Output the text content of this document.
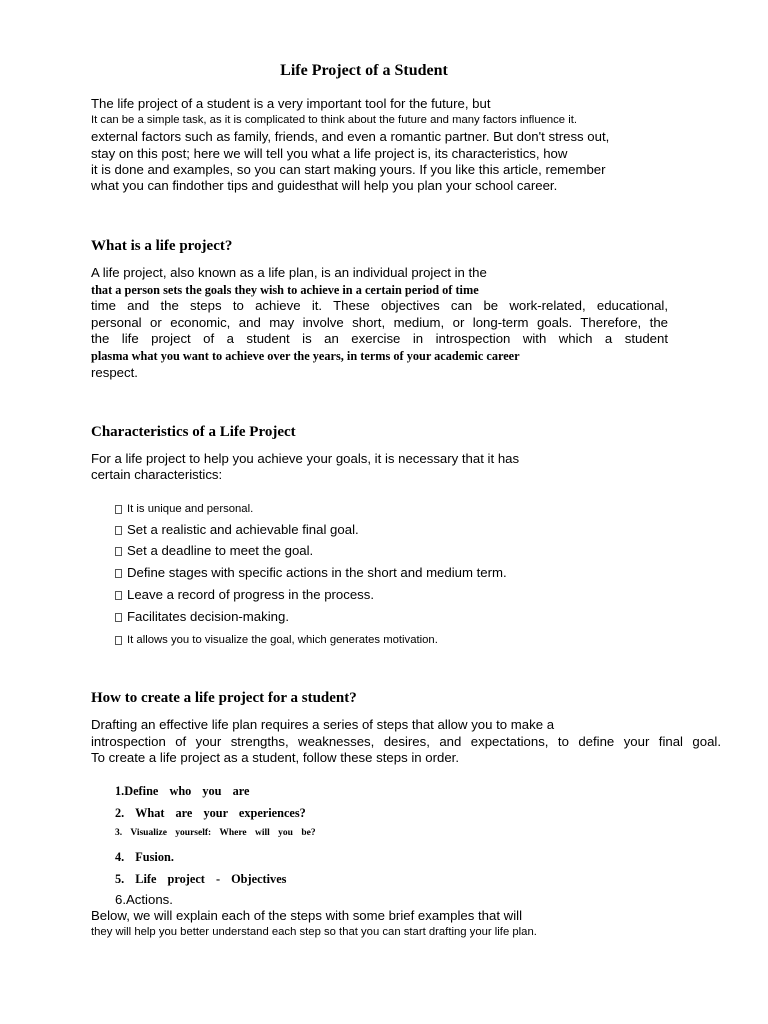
Life Project of a Student

The life project of a student is a very important tool for the future, but

It can be a simple task, as it is complicated to think about the future and many factors influence it.

external factors such as family, friends, and even a romantic partner. But don't stress out,

stay on this post; here we will tell you what a life project is, its characteristics, how

it is done and examples, so you can start making yours. If you like this article, remember

what you can findother tips and guidesthat will help you plan your school career.

What is a life project?

A life project, also known as a life plan, is an individual project in the

that a person sets the goals they wish to achieve in a certain period of time

time and the steps to achieve it. These objectives can be work-related, educational,

personal or economic, and may involve short, medium, or long-term goals. Therefore, the

the life project of a student is an exercise in introspection with which a student

plasma what you want to achieve over the years, in terms of your academic career

respect.

Characteristics of a Life Project

For a life project to help you achieve your goals, it is necessary that it has

certain characteristics:

It is unique and personal.
Set a realistic and achievable final goal.
Set a deadline to meet the goal.
Define stages with specific actions in the short and medium term.
Leave a record of progress in the process.
Facilitates decision-making.
It allows you to visualize the goal, which generates motivation.
How to create a life project for a student?

Drafting an effective life plan requires a series of steps that allow you to make a

introspection of your strengths, weaknesses, desires, and expectations, to define your final goal.

To create a life project as a student, follow these steps in order.

1.Define who you are

2. What are your experiences?

3. Visualize yourself: Where will you be?

4. Fusion.

5. Life project - Objectives

6.Actions.

Below, we will explain each of the steps with some brief examples that will

they will help you better understand each step so that you can start drafting your life plan.
